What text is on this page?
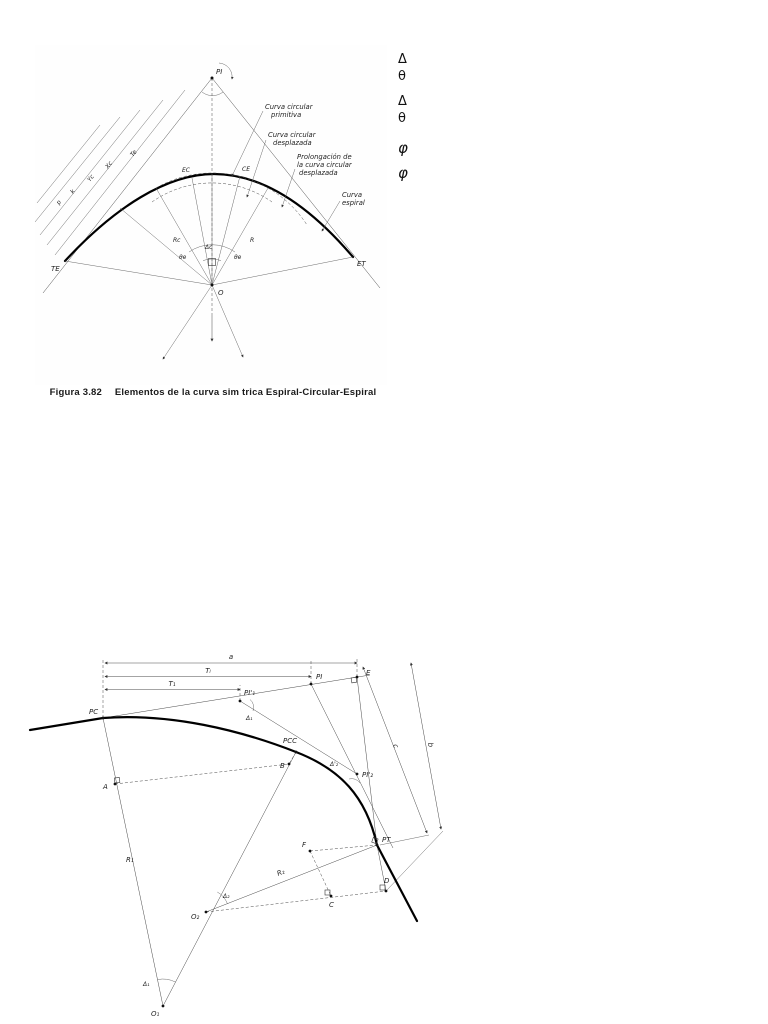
PI
TE
ET
EC	CE
O
Δc
θe	θe
Rc	R
Te
Xc
Yc
k
p
Curva circular
primitiva
Curva circular
desplazada
Prolongación de
la curva circular
desplazada
Curva
espiral
Figura 3.82 Elementos de la curva sim trica Espiral-Circular-Espiral
Δ
θ
Δ
θ
φ
φ
PC
PI	E
PI'₁
Δ₁
PCC
B	Δ'₂
PI'₂
A
F
PT
R₁
R₂
Δ₂
O₂
C
D
Δ₁
O₁
a
Tₗ
T₁
c	b
